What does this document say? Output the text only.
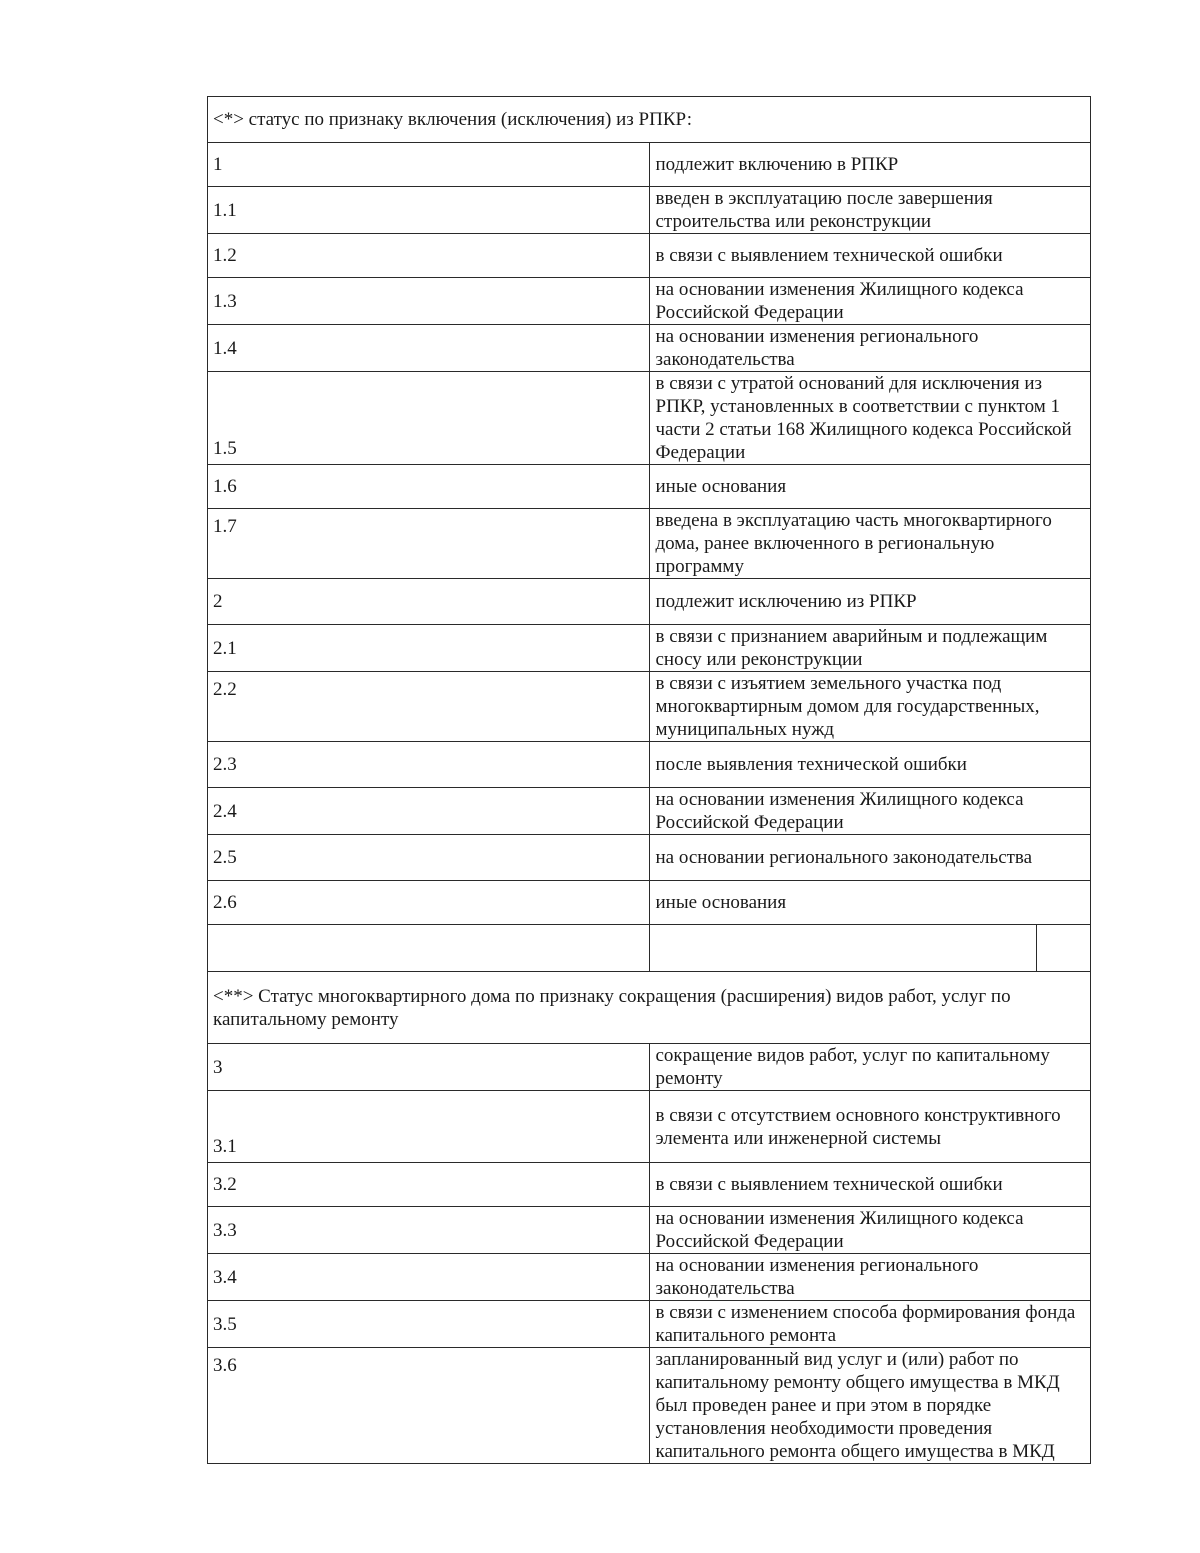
<*> статус по признаку включения (исключения) из РПКР:	
1	подлежит включению в РПКР
1.1	введен в эксплуатацию после завершения строительства или реконструкции
1.2	в связи с выявлением технической ошибки
1.3	на основании изменения Жилищного кодекса Российской Федерации
1.4	на основании изменения регионального законодательства
1.5	в связи с утратой оснований для исключения из РПКР, установленных в соответствии с пунктом 1 части 2 статьи 168 Жилищного кодекса Российской Федерации
1.6	иные основания
1.7	введена в эксплуатацию часть многоквартирного дома, ранее включенного в региональную программу
2	подлежит исключению из РПКР
2.1	в связи с признанием аварийным и подлежащим сносу или реконструкции
2.2	в связи с изъятием земельного участка под многоквартирным домом для государственных, муниципальных нужд
2.3	после выявления технической ошибки
2.4	на основании изменения Жилищного кодекса Российской Федерации
2.5	на основании регионального законодательства
2.6	иные основания

<**> Статус многоквартирного дома по признаку сокращения (расширения) видов работ, услуг по капитальному ремонту	
3	сокращение видов работ, услуг по капитальному ремонту
3.1	в связи с отсутствием основного конструктивного элемента или инженерной системы
3.2	в связи с выявлением технической ошибки
3.3	на основании изменения Жилищного кодекса Российской Федерации
3.4	на основании изменения регионального законодательства
3.5	в связи с изменением способа формирования фонда капитального ремонта
3.6	запланированный вид услуг и (или) работ по капитальному ремонту общего имущества в МКД был проведен ранее и при этом в порядке установления необходимости проведения капитального ремонта общего имущества в МКД
